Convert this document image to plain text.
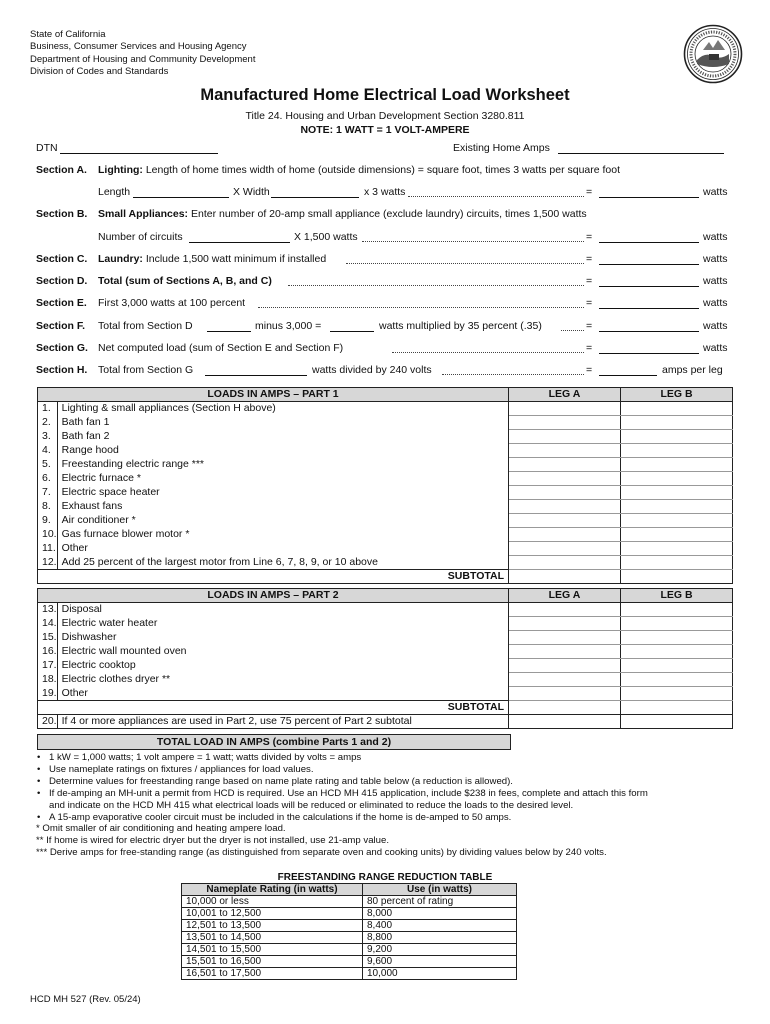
State of California
Business, Consumer Services and Housing Agency
Department of Housing and Community Development
Division of Codes and Standards
Manufactured Home Electrical Load Worksheet
Title 24. Housing and Urban Development Section 3280.811
NOTE: 1 WATT = 1 VOLT-AMPERE
DTN	Existing Home Amps
Section A. Lighting: Length of home times width of home (outside dimensions) = square foot, times 3 watts per square foot
Length	X Width	x 3 watts	=	watts
Section B. Small Appliances: Enter number of 20-amp small appliance (exclude laundry) circuits, times 1,500 watts
Number of circuits	X 1,500 watts	=	watts
Section C. Laundry: Include 1,500 watt minimum if installed	=	watts
Section D. Total (sum of Sections A, B, and C)	=	watts
Section E. First 3,000 watts at 100 percent	=	watts
Section F. Total from Section D	minus 3,000 =	watts multiplied by 35 percent (.35)	=	watts
Section G. Net computed load (sum of Section E and Section F)	=	watts
Section H. Total from Section G	watts divided by 240 volts	=	amps per leg
LOADS IN AMPS – PART 1		LEG A	LEG B
1.	Lighting & small appliances (Section H above)		
2.	Bath fan 1		
3.	Bath fan 2		
4.	Range hood		
5.	Freestanding electric range ***		
6.	Electric furnace *		
7.	Electric space heater		
8.	Exhaust fans		
9.	Air conditioner *		
10.	Gas furnace blower motor *		
11.	Other		
12.	Add 25 percent of the largest motor from Line 6, 7, 8, 9, or 10 above		
SUBTOTAL			
LOADS IN AMPS – PART 2		LEG A	LEG B
13.	Disposal		
14.	Electric water heater		
15.	Dishwasher		
16.	Electric wall mounted oven		
17.	Electric cooktop		
18.	Electric clothes dryer **		
19.	Other		
SUBTOTAL			
20.	If 4 or more appliances are used in Part 2, use 75 percent of Part 2 subtotal		
TOTAL LOAD IN AMPS (combine Parts 1 and 2)
• 1 kW = 1,000 watts; 1 volt ampere = 1 watt; watts divided by volts = amps
• Use nameplate ratings on fixtures / appliances for load values.
• Determine values for freestanding range based on name plate rating and table below (a reduction is allowed).
• If de-amping an MH-unit a permit from HCD is required. Use an HCD MH 415 application, include $238 in fees, complete and attach this form
and indicate on the HCD MH 415 what electrical loads will be reduced or eliminated to reduce the loads to the desired level.
• A 15-amp evaporative cooler circuit must be included in the calculations if the home is de-amped to 50 amps.
* Omit smaller of air conditioning and heating ampere load.
** If home is wired for electric dryer but the dryer is not installed, use 21-amp value.
*** Derive amps for free-standing range (as distinguished from separate oven and cooking units) by dividing values below by 240 volts.
FREESTANDING RANGE REDUCTION TABLE
Nameplate Rating (in watts)	Use (in watts)
10,000 or less	80 percent of rating
10,001 to 12,500	8,000
12,501 to 13,500	8,400
13,501 to 14,500	8,800
14,501 to 15,500	9,200
15,501 to 16,500	9,600
16,501 to 17,500	10,000
HCD MH 527 (Rev. 05/24)
